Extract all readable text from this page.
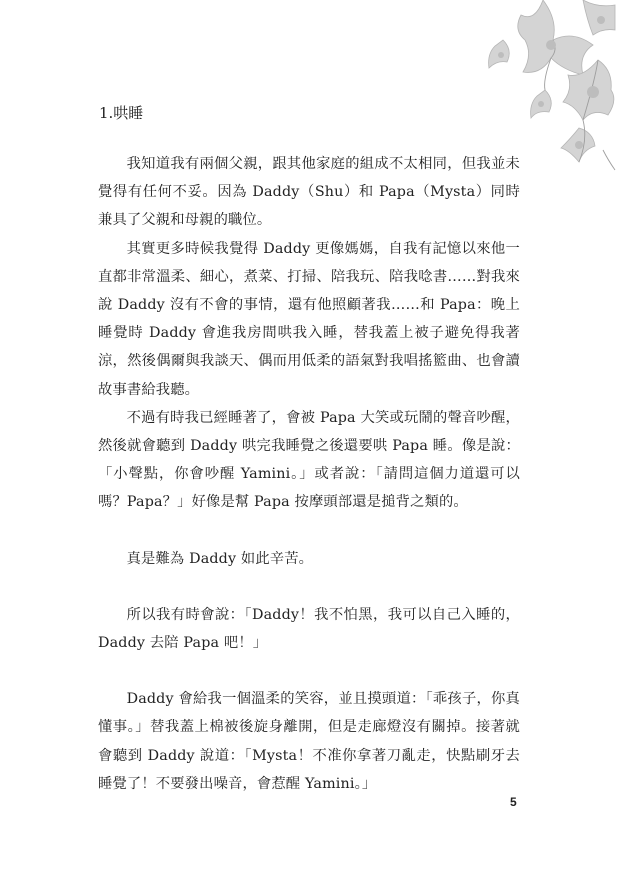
1.哄睡

我知道我有兩個父親，跟其他家庭的組成不太相同，但我並未覺得有任何不妥。因為 Daddy（Shu）和 Papa（Mysta）同時兼具了父親和母親的職位。

其實更多時候我覺得 Daddy 更像媽媽，自我有記憶以來他一直都非常溫柔、細心，煮菜、打掃、陪我玩、陪我唸書……對我來說 Daddy 沒有不會的事情，還有他照顧著我……和 Papa：晚上睡覺時 Daddy 會進我房間哄我入睡，替我蓋上被子避免得我著涼，然後偶爾與我談天、偶而用低柔的語氣對我唱搖籃曲、也會讀故事書給我聽。

不過有時我已經睡著了，會被 Papa 大笑或玩鬧的聲音吵醒，然後就會聽到 Daddy 哄完我睡覺之後還要哄 Papa 睡。像是說：「小聲點，你會吵醒 Yamini。」或者說：「請問這個力道還可以嗎？Papa？」好像是幫 Papa 按摩頭部還是搥背之類的。

真是難為 Daddy 如此辛苦。

所以我有時會說：「Daddy！我不怕黑，我可以自己入睡的，Daddy 去陪 Papa 吧！」

Daddy 會給我一個溫柔的笑容，並且摸頭道：「乖孩子，你真懂事。」替我蓋上棉被後旋身離開，但是走廊燈沒有關掉。接著就會聽到 Daddy 說道：「Mysta！不准你拿著刀亂走，快點刷牙去睡覺了！不要發出噪音，會惹醒 Yamini。」

5
